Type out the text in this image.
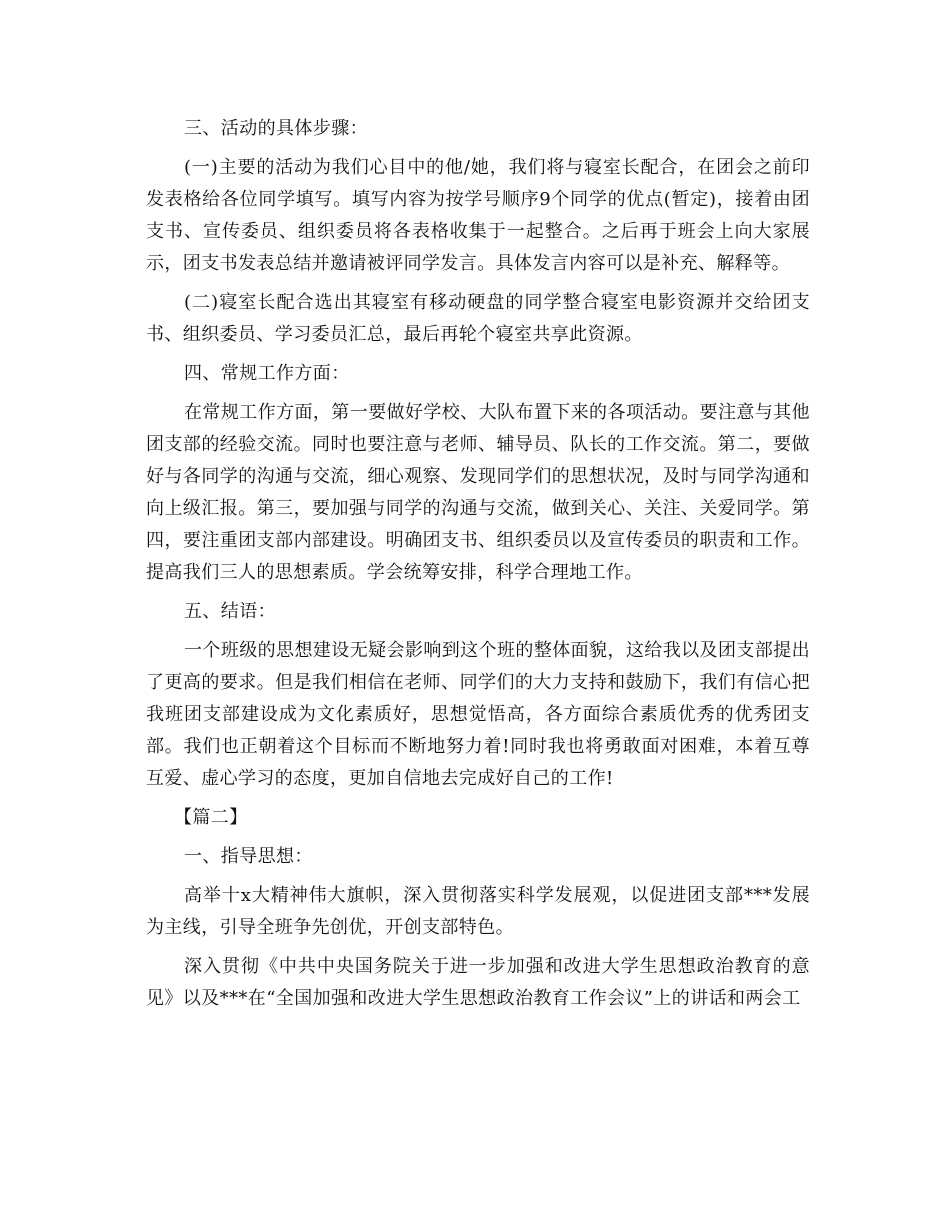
三、活动的具体步骤：

(一)主要的活动为我们心目中的他/她，我们将与寝室长配合，在团会之前印发表格给各位同学填写。填写内容为按学号顺序9个同学的优点(暂定)，接着由团支书、宣传委员、组织委员将各表格收集于一起整合。之后再于班会上向大家展示，团支书发表总结并邀请被评同学发言。具体发言内容可以是补充、解释等。

(二)寝室长配合选出其寝室有移动硬盘的同学整合寝室电影资源并交给团支书、组织委员、学习委员汇总，最后再轮个寝室共享此资源。

四、常规工作方面：

在常规工作方面，第一要做好学校、大队布置下来的各项活动。要注意与其他团支部的经验交流。同时也要注意与老师、辅导员、队长的工作交流。第二，要做好与各同学的沟通与交流，细心观察、发现同学们的思想状况，及时与同学沟通和向上级汇报。第三，要加强与同学的沟通与交流，做到关心、关注、关爱同学。第四，要注重团支部内部建设。明确团支书、组织委员以及宣传委员的职责和工作。提高我们三人的思想素质。学会统筹安排，科学合理地工作。

五、结语：

一个班级的思想建设无疑会影响到这个班的整体面貌，这给我以及团支部提出了更高的要求。但是我们相信在老师、同学们的大力支持和鼓励下，我们有信心把我班团支部建设成为文化素质好，思想觉悟高，各方面综合素质优秀的优秀团支部。我们也正朝着这个目标而不断地努力着!同时我也将勇敢面对困难，本着互尊互爱、虚心学习的态度，更加自信地去完成好自己的工作!

【篇二】

一、指导思想：

高举十x大精神伟大旗帜，深入贯彻落实科学发展观，以促进团支部***发展为主线，引导全班争先创优，开创支部特色。

深入贯彻《中共中央国务院关于进一步加强和改进大学生思想政治教育的意见》以及***在“全国加强和改进大学生思想政治教育工作会议”上的讲话和两会工
